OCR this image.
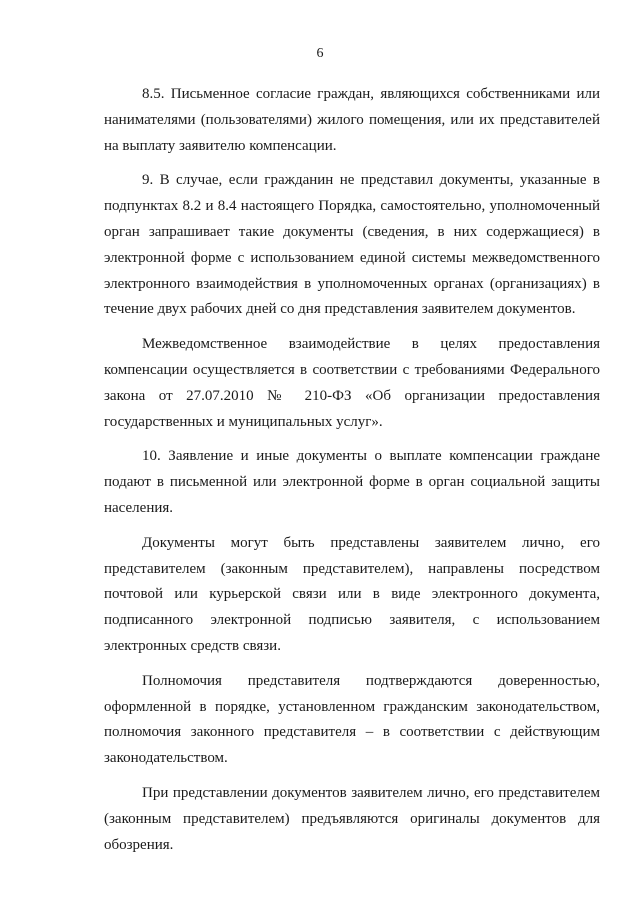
6

8.5. Письменное согласие граждан, являющихся собственниками или нанимателями (пользователями) жилого помещения, или их представителей на выплату заявителю компенсации.

9. В случае, если гражданин не представил документы, указанные в подпунктах 8.2 и 8.4 настоящего Порядка, самостоятельно, уполномоченный орган запрашивает такие документы (сведения, в них содержащиеся) в электронной форме с использованием единой системы межведомственного электронного взаимодействия в уполномоченных органах (организациях) в течение двух рабочих дней со дня представления заявителем документов.

Межведомственное взаимодействие в целях предоставления компенсации осуществляется в соответствии с требованиями Федерального закона от 27.07.2010 № 210-ФЗ «Об организации предоставления государственных и муниципальных услуг».

10. Заявление и иные документы о выплате компенсации граждане подают в письменной или электронной форме в орган социальной защиты населения.

Документы могут быть представлены заявителем лично, его представителем (законным представителем), направлены посредством почтовой или курьерской связи или в виде электронного документа, подписанного электронной подписью заявителя, с использованием электронных средств связи.

Полномочия представителя подтверждаются доверенностью, оформленной в порядке, установленном гражданским законодательством, полномочия законного представителя – в соответствии с действующим законодательством.

При представлении документов заявителем лично, его представителем (законным представителем) предъявляются оригиналы документов для обозрения.
